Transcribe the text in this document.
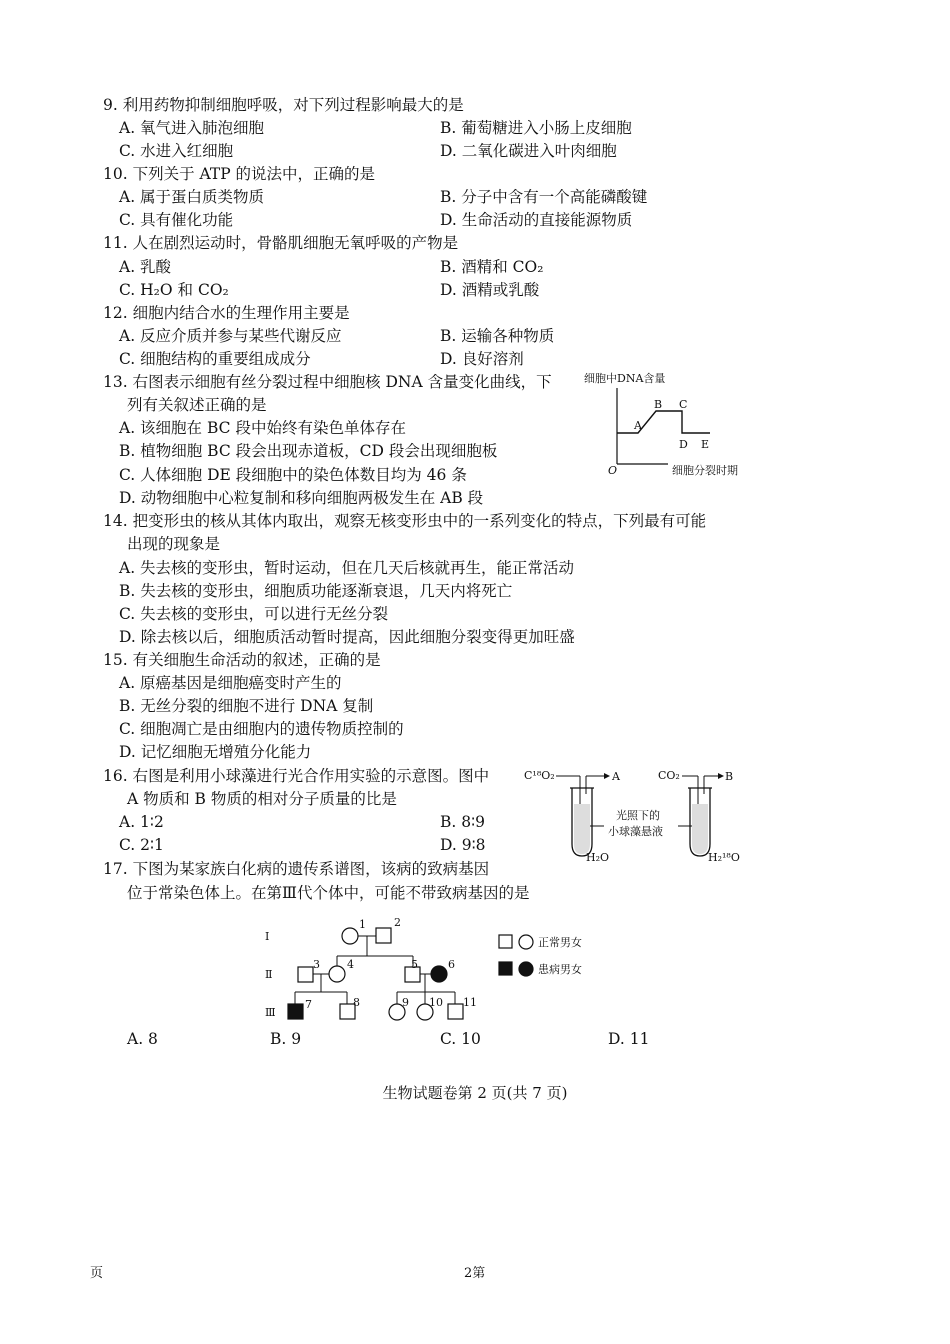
9. 利用药物抑制细胞呼吸，对下列过程影响最大的是
A. 氧气进入肺泡细胞	B. 葡萄糖进入小肠上皮细胞
C. 水进入红细胞	D. 二氧化碳进入叶肉细胞
10. 下列关于 ATP 的说法中，正确的是
A. 属于蛋白质类物质	B. 分子中含有一个高能磷酸键
C. 具有催化功能	D. 生命活动的直接能源物质
11. 人在剧烈运动时，骨骼肌细胞无氧呼吸的产物是
A. 乳酸	B. 酒精和 CO₂
C. H₂O 和 CO₂	D. 酒精或乳酸
12. 细胞内结合水的生理作用主要是
A. 反应介质并参与某些代谢反应	B. 运输各种物质
C. 细胞结构的重要组成成分	D. 良好溶剂
13. 右图表示细胞有丝分裂过程中细胞核 DNA 含量变化曲线，下
列有关叙述正确的是
A. 该细胞在 BC 段中始终有染色单体存在
B. 植物细胞 BC 段会出现赤道板，CD 段会出现细胞板
C. 人体细胞 DE 段细胞中的染色体数目均为 46 条
D. 动物细胞中心粒复制和移向细胞两极发生在 AB 段
细胞中DNA含量
A
B C
D E
O	细胞分裂时期
14. 把变形虫的核从其体内取出，观察无核变形虫中的一系列变化的特点，下列最有可能
出现的现象是
A. 失去核的变形虫，暂时运动，但在几天后核就再生，能正常活动
B. 失去核的变形虫，细胞质功能逐渐衰退，几天内将死亡
C. 失去核的变形虫，可以进行无丝分裂
D. 除去核以后，细胞质活动暂时提高，因此细胞分裂变得更加旺盛
15. 有关细胞生命活动的叙述，正确的是
A. 原癌基因是细胞癌变时产生的
B. 无丝分裂的细胞不进行 DNA 复制
C. 细胞凋亡是由细胞内的遗传物质控制的
D. 记忆细胞无增殖分化能力
16. 右图是利用小球藻进行光合作用实验的示意图。图中
A 物质和 B 物质的相对分子质量的比是
A. 1∶2	B. 8∶9
C. 2∶1	D. 9∶8
C¹⁸O₂	A
H₂O
光照下的
小球藻悬液
CO₂	B
H₂¹⁸O
17. 下图为某家族白化病的遗传系谱图，该病的致病基因
位于常染色体上。在第Ⅲ代个体中，可能不带致病基因的是
Ⅰ
Ⅱ
Ⅲ
1	2
3 4	5	6
7	8	9 10 11
正常男女
患病男女
A. 8	B. 9	C. 10	D. 11
生物试题卷第 2 页(共 7 页)
页	2第
